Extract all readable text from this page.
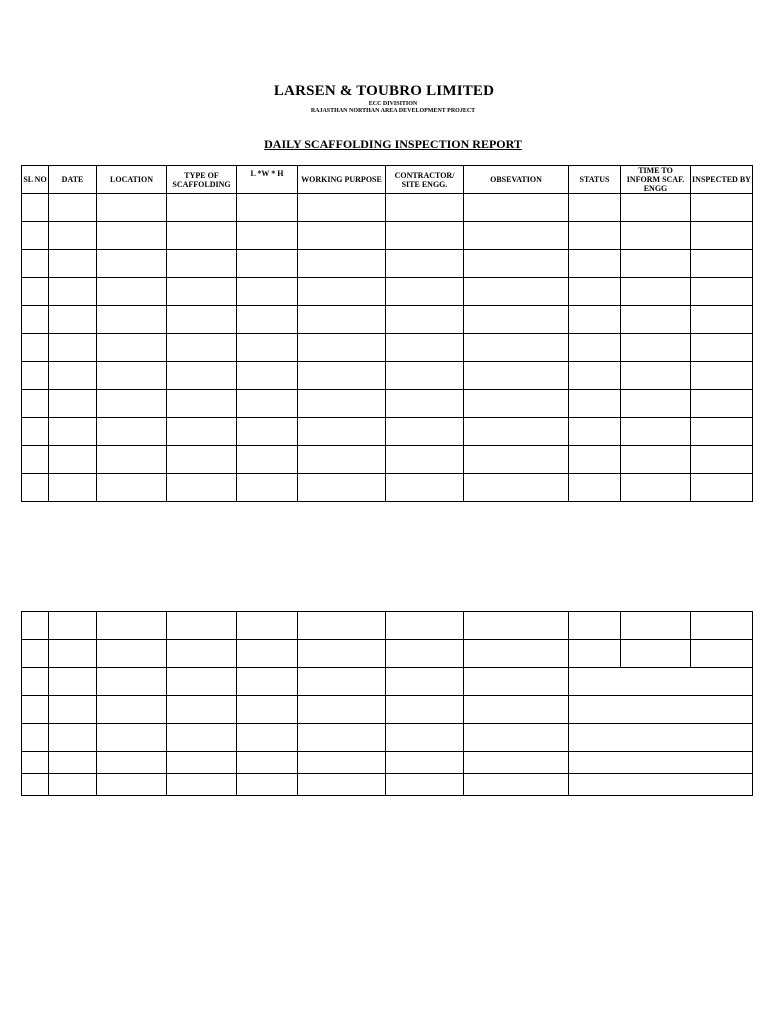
LARSEN & TOUBRO LIMITED
ECC DIVISITION
RAJASTHAN NORTHAN AREA DEVELOPMENT PROJECT
DAILY SCAFFOLDING INSPECTION REPORT
SL NO	DATE	LOCATION	TYPE OF SCAFFOLDING	L *W * H	WORKING PURPOSE	CONTRACTOR/ SITE ENGG.	OBSEVATION	STATUS	TIME TO INFORM SCAF. ENGG	INSPECTED BY
